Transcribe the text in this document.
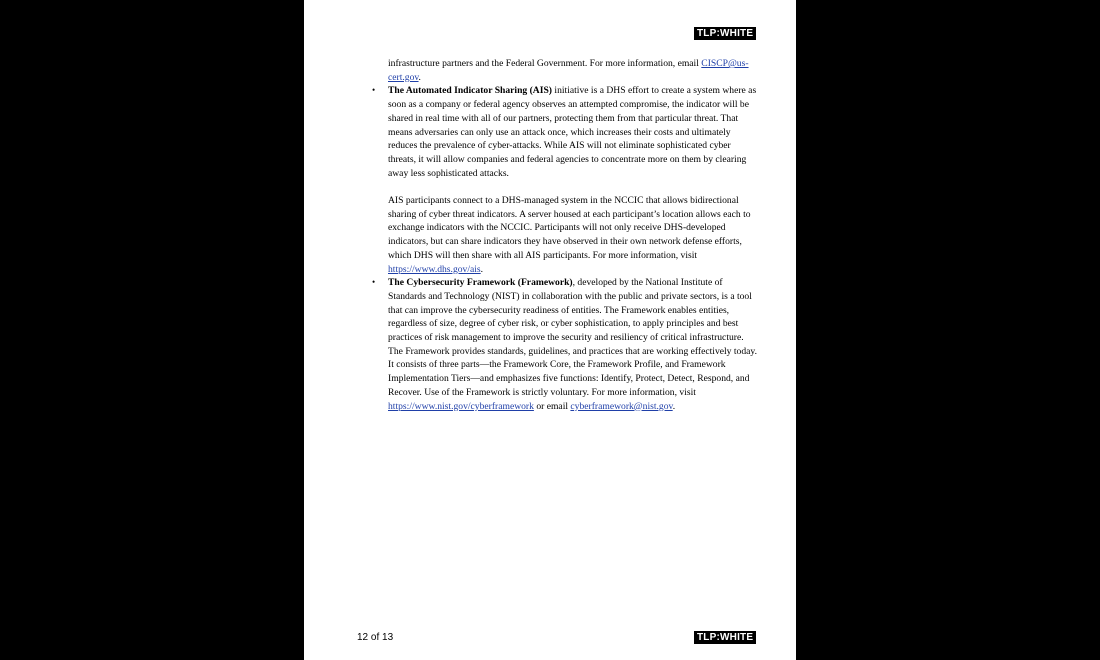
TLP:WHITE

infrastructure partners and the Federal Government. For more information, email CISCP@us-cert.gov.

• The Automated Indicator Sharing (AIS) initiative is a DHS effort to create a system where as soon as a company or federal agency observes an attempted compromise, the indicator will be shared in real time with all of our partners, protecting them from that particular threat. That means adversaries can only use an attack once, which increases their costs and ultimately reduces the prevalence of cyber-attacks. While AIS will not eliminate sophisticated cyber threats, it will allow companies and federal agencies to concentrate more on them by clearing away less sophisticated attacks.

AIS participants connect to a DHS-managed system in the NCCIC that allows bidirectional sharing of cyber threat indicators. A server housed at each participant’s location allows each to exchange indicators with the NCCIC. Participants will not only receive DHS-developed indicators, but can share indicators they have observed in their own network defense efforts, which DHS will then share with all AIS participants. For more information, visit https://www.dhs.gov/ais.

• The Cybersecurity Framework (Framework), developed by the National Institute of Standards and Technology (NIST) in collaboration with the public and private sectors, is a tool that can improve the cybersecurity readiness of entities. The Framework enables entities, regardless of size, degree of cyber risk, or cyber sophistication, to apply principles and best practices of risk management to improve the security and resiliency of critical infrastructure. The Framework provides standards, guidelines, and practices that are working effectively today. It consists of three parts—the Framework Core, the Framework Profile, and Framework Implementation Tiers—and emphasizes five functions: Identify, Protect, Detect, Respond, and Recover. Use of the Framework is strictly voluntary. For more information, visit https://www.nist.gov/cyberframework or email cyberframework@nist.gov.

12 of 13	TLP:WHITE
